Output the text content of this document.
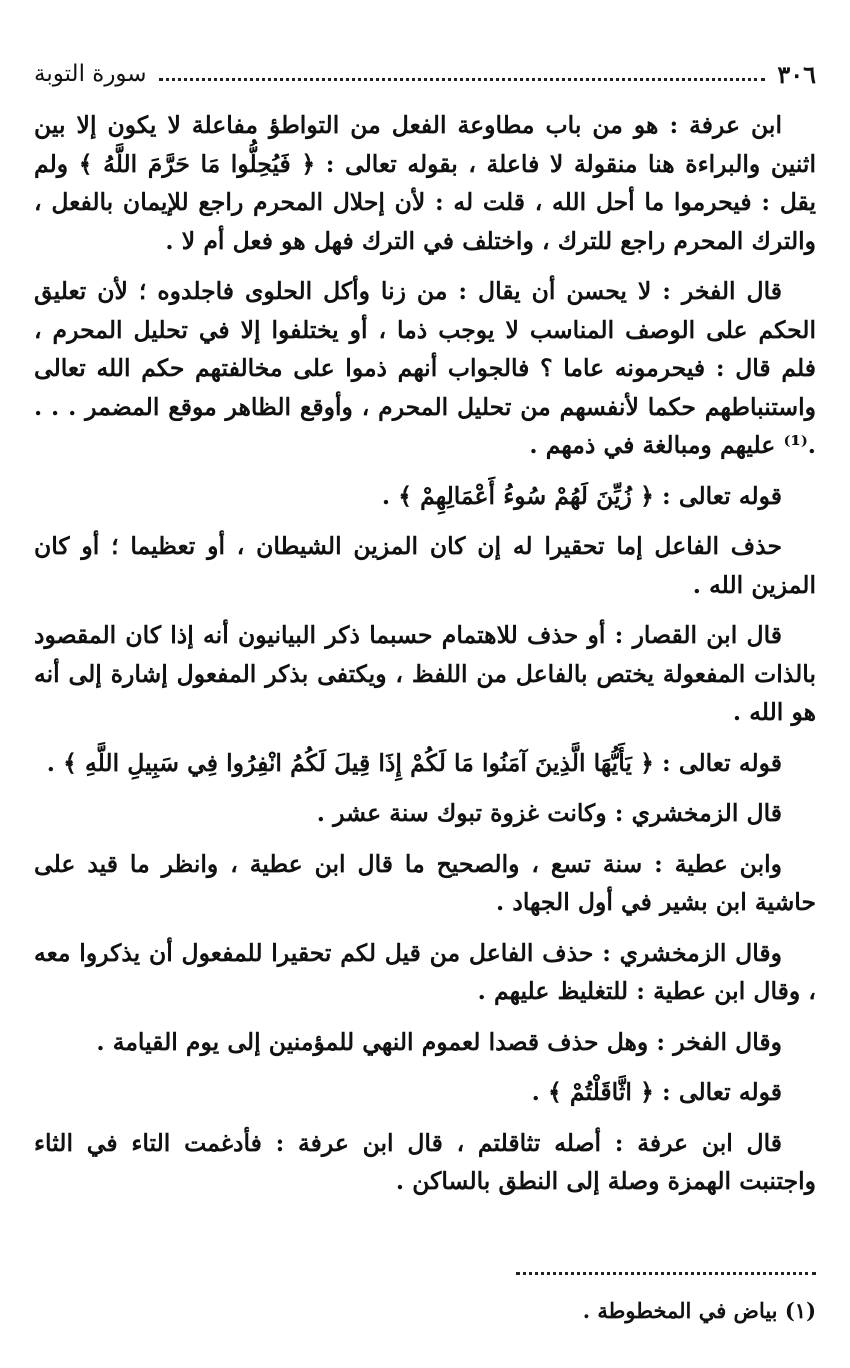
٣٠٦
سورة التوبة

ابن عرفة : هو من باب مطاوعة الفعل من التواطؤ مفاعلة لا يكون إلا بين اثنين والبراءة هنا منقولة لا فاعلة ، بقوله تعالى : ﴿ فَيُحِلُّوا مَا حَرَّمَ اللَّهُ ﴾ ولم يقل : فيحرموا ما أحل الله ، قلت له : لأن إحلال المحرم راجع للإيمان بالفعل ، والترك المحرم راجع للترك ، واختلف في الترك فهل هو فعل أم لا .

قال الفخر : لا يحسن أن يقال : من زنا وأكل الحلوى فاجلدوه ؛ لأن تعليق الحكم على الوصف المناسب لا يوجب ذما ، أو يختلفوا إلا في تحليل المحرم ، فلم قال : فيحرمونه عاما ؟ فالجواب أنهم ذموا على مخالفتهم حكم الله تعالى واستنباطهم حكما لأنفسهم من تحليل المحرم ، وأوقع الظاهر موقع المضمر . . . .⁽¹⁾ عليهم ومبالغة في ذمهم .

قوله تعالى : ﴿ زُيِّنَ لَهُمْ سُوءُ أَعْمَالِهِمْ ﴾ .

حذف الفاعل إما تحقيرا له إن كان المزين الشيطان ، أو تعظيما ؛ أو كان المزين الله .

قال ابن القصار : أو حذف للاهتمام حسبما ذكر البيانيون أنه إذا كان المقصود بالذات المفعولة يختص بالفاعل من اللفظ ، ويكتفى بذكر المفعول إشارة إلى أنه هو الله .

قوله تعالى : ﴿ يَأَيُّهَا الَّذِينَ آمَنُوا مَا لَكُمْ إِذَا قِيلَ لَكُمُ انْفِرُوا فِي سَبِيلِ اللَّهِ ﴾ .

قال الزمخشري : وكانت غزوة تبوك سنة عشر .

وابن عطية : سنة تسع ، والصحيح ما قال ابن عطية ، وانظر ما قيد على حاشية ابن بشير في أول الجهاد .

وقال الزمخشري : حذف الفاعل من قيل لكم تحقيرا للمفعول أن يذكروا معه ، وقال ابن عطية : للتغليظ عليهم .

وقال الفخر : وهل حذف قصدا لعموم النهي للمؤمنين إلى يوم القيامة .

قوله تعالى : ﴿ اثَّاقَلْتُمْ ﴾ .

قال ابن عرفة : أصله تثاقلتم ، قال ابن عرفة : فأدغمت التاء في الثاء واجتنبت الهمزة وصلة إلى النطق بالساكن .

(١) بياض في المخطوطة .
